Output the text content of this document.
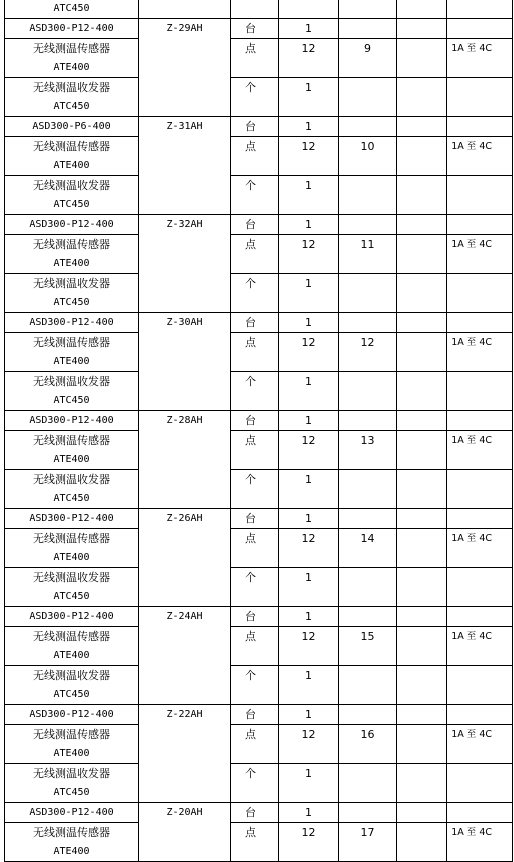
ATC450						
ASD300-P12-400	Z-29AH	台	1			
无线测温传感器
ATE400		点	12	9		1A 至 4C
无线测温收发器
ATC450		个	1			
ASD300-P6-400	Z-31AH	台	1			
无线测温传感器
ATE400		点	12	10		1A 至 4C
无线测温收发器
ATC450		个	1			
ASD300-P12-400	Z-32AH	台	1			
无线测温传感器
ATE400		点	12	11		1A 至 4C
无线测温收发器
ATC450		个	1			
ASD300-P12-400	Z-30AH	台	1			
无线测温传感器
ATE400		点	12	12		1A 至 4C
无线测温收发器
ATC450		个	1			
ASD300-P12-400	Z-28AH	台	1			
无线测温传感器
ATE400		点	12	13		1A 至 4C
无线测温收发器
ATC450		个	1			
ASD300-P12-400	Z-26AH	台	1			
无线测温传感器
ATE400		点	12	14		1A 至 4C
无线测温收发器
ATC450		个	1			
ASD300-P12-400	Z-24AH	台	1			
无线测温传感器
ATE400		点	12	15		1A 至 4C
无线测温收发器
ATC450		个	1			
ASD300-P12-400	Z-22AH	台	1			
无线测温传感器
ATE400		点	12	16		1A 至 4C
无线测温收发器
ATC450		个	1			
ASD300-P12-400	Z-20AH	台	1			
无线测温传感器
ATE400		点	12	17		1A 至 4C
